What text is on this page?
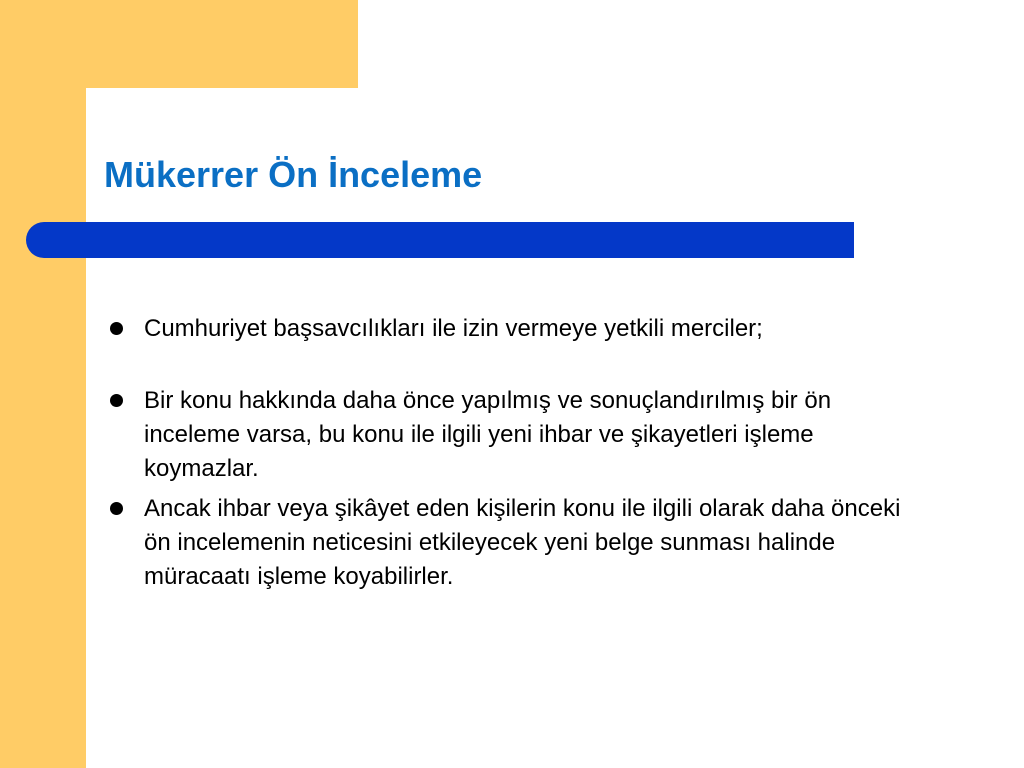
Mükerrer Ön İnceleme
Cumhuriyet başsavcılıkları ile izin vermeye yetkili merciler;
Bir konu hakkında daha önce yapılmış ve sonuçlandırılmış bir ön inceleme varsa, bu konu ile ilgili yeni ihbar ve şikayetleri işleme koymazlar.
Ancak ihbar veya şikâyet eden kişilerin konu ile ilgili olarak daha önceki ön incelemenin neticesini etkileyecek yeni belge sunması halinde müracaatı işleme koyabilirler.
